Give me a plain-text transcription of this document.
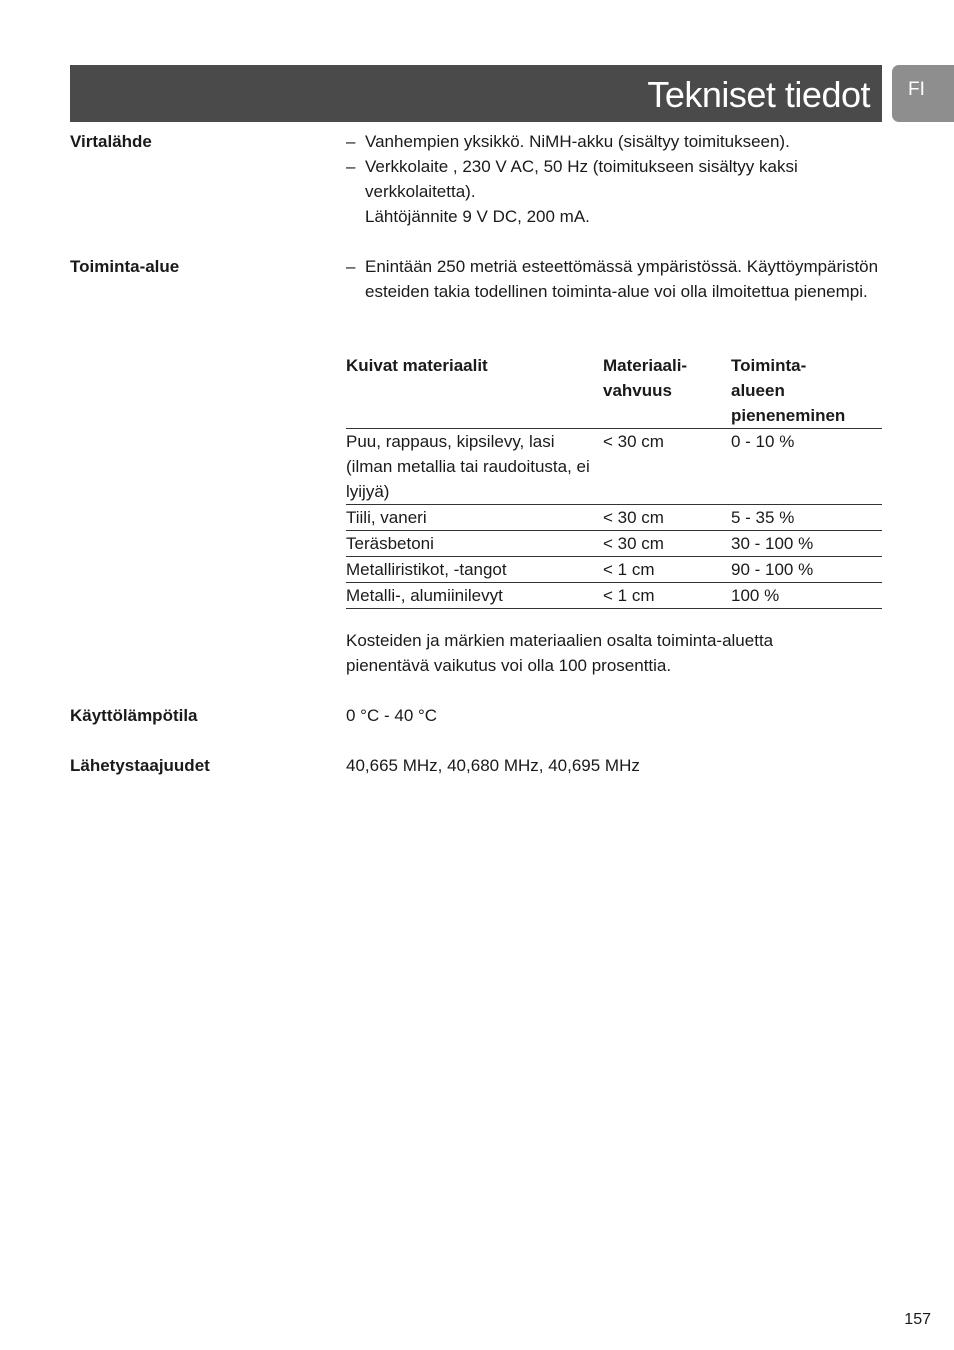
Tekniset tiedot FI
Virtalähde	– Vanhempien yksikkö. NiMH-akku (sisältyy toimitukseen).
– Verkkolaite , 230 V AC, 50 Hz (toimitukseen sisältyy kaksi verkkolaitetta).
Lähtöjännite 9 V DC, 200 mA.
Toiminta-alue	– Enintään 250 metriä esteettömässä ympäristössä. Käyttöympäristön esteiden takia todellinen toiminta-alue voi olla ilmoitettua pienempi.
Kuivat materiaalit	Materiaali-vahvuus	Toiminta-alueen pieneneminen

Puu, rappaus, kipsilevy, lasi (ilman metallia tai raudoitusta, ei lyijyä)	< 30 cm	0 - 10 %
Tiili, vaneri	< 30 cm	5 - 35 %
Teräsbetoni	< 30 cm	30 - 100 %
Metalliristikot, -tangot	< 1 cm	90 - 100 %
Metalli-, alumiinilevyt	< 1 cm	100 %
Kosteiden ja märkien materiaalien osalta toiminta-aluetta pienentävä vaikutus voi olla 100 prosenttia.
Käyttölämpötila	0 °C - 40 °C
Lähetystaajuudet	40,665 MHz, 40,680 MHz, 40,695 MHz
157
